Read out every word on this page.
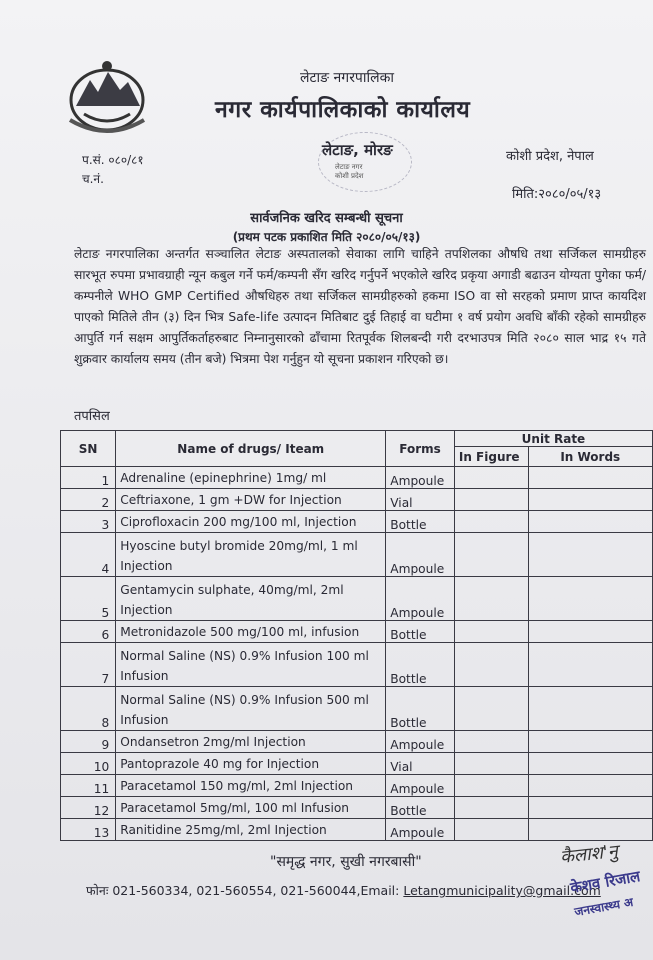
लेटाङ नगरपालिका
नगर कार्यपालिकाको कार्यालय
लेटाङ नगर
कोशी प्रदेश
लेटाङ, मोरङ	कोशी प्रदेश, नेपाल
प.सं. ०८०/८१
च.नं.
मिति:२०८०/०५/१३
सार्वजनिक खरिद सम्बन्धी सूचना
(प्रथम पटक प्रकाशित मिति २०८०/०५/१३)
लेटाङ नगरपालिका अन्तर्गत सञ्चालित लेटाङ अस्पतालको सेवाका लागि चाहिने तपशिलका औषधि तथा सर्जिकल सामग्रीहरु सारभूत रुपमा प्रभावग्राही न्यून कबुल गर्ने फर्म/कम्पनी सँग खरिद गर्नुपर्ने भएकोले खरिद प्रकृया अगाडी बढाउन योग्यता पुगेका फर्म/कम्पनीले WHO GMP Certified औषधिहरु तथा सर्जिकल सामग्रीहरुको हकमा ISO वा सो सरहको प्रमाण प्राप्त कायदिश पाएको मितिले तीन (३) दिन भित्र Safe-life उत्पादन मितिबाट दुई तिहाई वा घटीमा १ वर्ष प्रयोग अवधि बाँकी रहेको सामग्रीहरु आपुर्ति गर्न सक्षम आपुर्तिकर्ताहरुबाट निम्नानुसारको ढाँचामा रितपूर्वक शिलबन्दी गरी दरभाउपत्र मिति २०८० साल भाद्र १५ गते शुक्रवार कार्यालय समय (तीन बजे) भित्रमा पेश गर्नुहुन यो सूचना प्रकाशन गरिएको छ।
तपसिल
SN	Name of drugs/ Iteam	Forms	Unit Rate	
			In Figure	In Words
1	Adrenaline (epinephrine) 1mg/ ml	Ampoule		
2	Ceftriaxone, 1 gm +DW for Injection	Vial		
3	Ciprofloxacin 200 mg/100 ml, Injection	Bottle		
4	Hyoscine butyl bromide 20mg/ml, 1 ml Injection	Ampoule		
5	Gentamycin sulphate, 40mg/ml, 2ml Injection	Ampoule		
6	Metronidazole 500 mg/100 ml, infusion	Bottle		
7	Normal Saline (NS) 0.9% Infusion 100 ml Infusion	Bottle		
8	Normal Saline (NS) 0.9% Infusion 500 ml Infusion	Bottle		
9	Ondansetron 2mg/ml Injection	Ampoule		
10	Pantoprazole 40 mg for Injection	Vial		
11	Paracetamol 150 mg/ml, 2ml Injection	Ampoule		
12	Paracetamol 5mg/ml, 100 ml Infusion	Bottle		
13	Ranitidine 25mg/ml, 2ml Injection	Ampoule		
"समृद्ध नगर, सुखी नगरबासी"	कैलाश'नु
फोनः 021-560334, 021-560554, 021-560044,Email: Letangmunicipality@gmail.com
केशव रिजाल
जनस्वास्थ्य अ
